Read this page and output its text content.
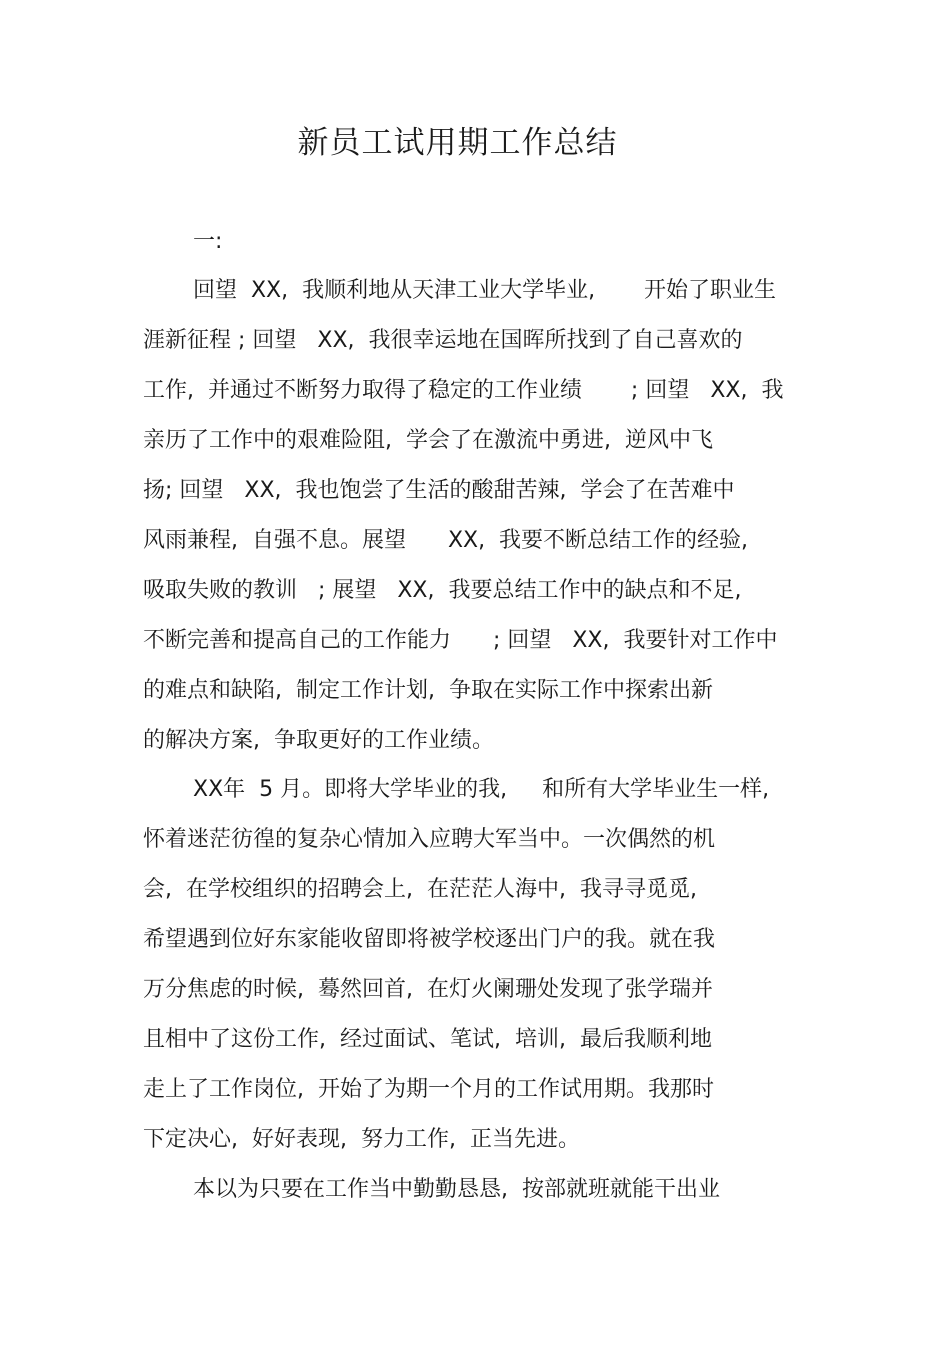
新员工试用期工作总结
一:
回望  XX,  我顺利地从天津工业大学毕业,       开始了职业生
涯新征程 ; 回望   XX,  我很幸运地在国晖所找到了自己喜欢的
工作,  并通过不断努力取得了稳定的工作业绩       ; 回望   XX,  我
亲历了工作中的艰难险阻,  学会了在激流中勇进,  逆风中飞
扬; 回望   XX,  我也饱尝了生活的酸甜苦辣,  学会了在苦难中
风雨兼程,  自强不息。展望      XX,  我要不断总结工作的经验,
吸取失败的教训   ; 展望   XX,  我要总结工作中的缺点和不足,
不断完善和提高自己的工作能力      ; 回望   XX,  我要针对工作中
的难点和缺陷,  制定工作计划,  争取在实际工作中探索出新
的解决方案,  争取更好的工作业绩。
XX年  5 月。即将大学毕业的我,     和所有大学毕业生一样,
怀着迷茫彷徨的复杂心情加入应聘大军当中。一次偶然的机
会,  在学校组织的招聘会上,  在茫茫人海中,  我寻寻觅觅,
希望遇到位好东家能收留即将被学校逐出门户的我。就在我
万分焦虑的时候,  蓦然回首,  在灯火阑珊处发现了张学瑞并
且相中了这份工作,  经过面试、笔试,  培训,  最后我顺利地
走上了工作岗位,  开始了为期一个月的工作试用期。我那时
下定决心,  好好表现,  努力工作,  正当先进。
本以为只要在工作当中勤勤恳恳,  按部就班就能干出业
